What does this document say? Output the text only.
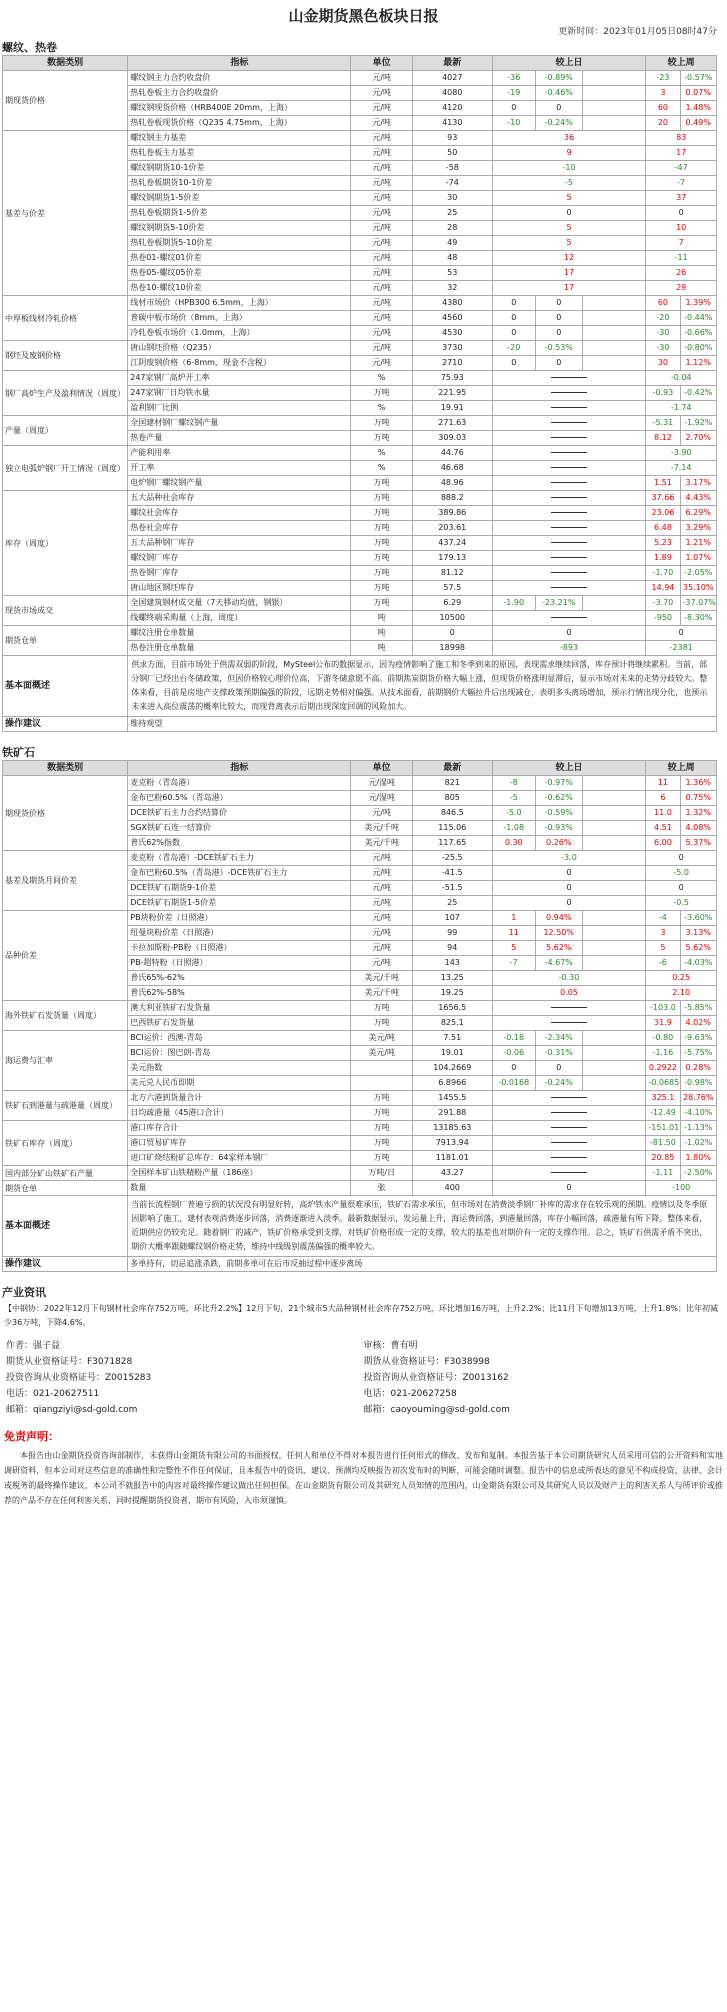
山金期货黑色板块日报
更新时间：2023年01月05日08时47分
螺纹、热卷
数据类别	指标	单位	最新	较上日			较上周	
期现货价格	螺纹钢主力合约收盘价	元/吨	4027	-36	-0.89%		-23	-0.57%
	热轧卷板主力合约收盘价	元/吨	4080	-19	-0.46%		3	0.07%
	螺纹钢现货价格（HRB400E 20mm，上海）	元/吨	4120	0	0		60	1.48%
	热轧卷板现货价格（Q235 4.75mm，上海）	元/吨	4130	-10	-0.24%		20	0.49%
基差与价差	螺纹钢主力基差	元/吨	93	36			83	
	热轧卷板主力基差	元/吨	50	9			17	
	螺纹钢期货10-1价差	元/吨	-58	-10			-47	
	热轧卷板期货10-1价差	元/吨	-74	-5			-7	
	螺纹钢期货1-5价差	元/吨	30	5			37	
	热轧卷板期货1-5价差	元/吨	25	0			0	
	螺纹钢期货5-10价差	元/吨	28	5			10	
	热轧卷板期货5-10价差	元/吨	49	5			7	
	热卷01-螺纹01价差	元/吨	48	12			-11	
	热卷05-螺纹05价差	元/吨	53	17			26	
	热卷10-螺纹10价差	元/吨	32	17			29	
中厚板线材冷轧价格	线材市场价（HPB300 6.5mm，上海）	元/吨	4380	0	0		60	1.39%
	普碳中板市场价（8mm，上海）	元/吨	4560	0	0		-20	-0.44%
	冷轧卷板市场价（1.0mm，上海）	元/吨	4530	0	0		-30	-0.66%
钢坯及废钢价格	唐山钢坯价格（Q235）	元/吨	3730	-20	-0.53%		-30	-0.80%
	江阴废钢价格（6-8mm，现金不含税）	元/吨	2710	0	0		30	1.12%
钢厂高炉生产及盈利情况（周度）	247家钢厂高炉开工率	%	75.93				-0.04	
	247家钢厂日均铁水量	万吨	221.95				-0.93	-0.42%
	盈利钢厂比例	%	19.91				-1.74	
产量（周度）	全国建材钢厂螺纹钢产量	万吨	271.63				-5.31	-1.92%
	热卷产量	万吨	309.03				8.12	2.70%
独立电弧炉钢厂开工情况（周度）	产能利用率	%	44.76				-3.90	
	开工率	%	46.68				-7.14	
	电炉钢厂螺纹钢产量	万吨	48.96				1.51	3.17%
库存（周度）	五大品种社会库存	万吨	888.2				37.66	4.43%
	螺纹社会库存	万吨	389.86				23.06	6.29%
	热卷社会库存	万吨	203.61				6.48	3.29%
	五大品种钢厂库存	万吨	437.24				5.23	1.21%
	螺纹钢厂库存	万吨	179.13				1.89	1.07%
	热卷钢厂库存	万吨	81.12				-1.70	-2.05%
	唐山地区钢坯库存	万吨	57.5				14.94	35.10%
现货市场成交	全国建筑钢材成交量（7天移动均值，钢银）	万吨	6.29	-1.90	-23.21%		-3.70	-37.07%
	线螺终端采购量（上海，周度）	吨	10500				-950	-8.30%
期货仓单	螺纹注册仓单数量	吨	0	0			0	
	热卷注册仓单数量	吨	18998	-893			-2381	
基本面概述	供求方面，目前市场处于供需双弱的阶段，MySteel公布的数据显示，因为疫情影响了施工和冬季到来的原因，表现需求继续回落，库存预计将继续累积。当前，部分钢厂已经出台冬储政策，但因价格较心理价位高，下游冬储意愿不高。前期焦炭期货价格大幅上涨，但现货价格涨明显滞后，显示市场对未来的走势分歧较大。整体来看，目前是房地产支撑政策预期偏强的阶段，远期走势相对偏强。从技术面看，前期钢价大幅拉升后出现减仓，表明多头离场增加，预示行情出现分化，也预示未来进入高位震荡的概率比较大，而现背离表示后期出现深度回调的风险加大。							
操作建议	维持观望							
铁矿石
数据类别	指标	单位	最新	较上日			较上周	
期现货价格	麦克粉（青岛港）	元/湿吨	821	-8	-0.97%		11	1.36%
	金布巴粉60.5%（青岛港）	元/湿吨	805	-5	-0.62%		6	0.75%
	DCE铁矿石主力合约结算价	元/吨	846.5	-5.0	-0.59%		11.0	1.32%
	SGX铁矿石连一结算价	美元/千吨	115.06	-1.08	-0.93%		4.51	4.08%
	普氏62%指数	美元/千吨	117.65	0.30	0.26%		6.00	5.37%
基差及期货月间价差	麦克粉（青岛港）-DCE铁矿石主力	元/吨	-25.5	-3.0			0	
	金布巴粉60.5%（青岛港）-DCE铁矿石主力	元/吨	-41.5	0			-5.0	
	DCE铁矿石期货9-1价差	元/吨	-51.5	0			0	
	DCE铁矿石期货1-5价差	元/吨	25	0			-0.5	
品种价差	PB块粉价差（日照港）	元/吨	107	1	0.94%		-4	-3.60%
	纽曼块粉价差（日照港）	元/吨	99	11	12.50%		3	3.13%
	卡拉加斯粉-PB粉（日照港）	元/吨	94	5	5.62%		5	5.62%
	PB-超特粉（日照港）	元/吨	143	-7	-4.67%		-6	-4.03%
	普氏65%-62%	美元/千吨	13.25	-0.30			0.25	
	普氏62%-58%	美元/千吨	19.25	0.05			2.10	
海外铁矿石发货量（周度）	澳大利亚铁矿石发货量	万吨	1656.5				-103.0	-5.85%
	巴西铁矿石发货量	万吨	825.1				31.9	4.02%
海运费与汇率	BCI运价：西澳-青岛	美元/吨	7.51	-0.18	-2.34%		-0.80	-9.63%
	BCI运价：图巴朗-青岛	美元/吨	19.01	-0.06	-0.31%		-1.16	-5.75%
	美元指数		104.2669	0	0		0.2922	0.28%
	美元兑人民币即期		6.8966	-0.0168	-0.24%		-0.0685	-0.98%
铁矿石到港量与疏港量（周度）	北方六港到货量合计	万吨	1455.5				325.1	28.76%
	日均疏港量（45港口合计）	万吨	291.88				-12.49	-4.10%
铁矿石库存（周度）	港口库存合计	万吨	13185.63				-151.01	-1.13%
	港口贸易矿库存	万吨	7913.94				-81.50	-1.02%
	进口矿烧结粉矿总库存：64家样本钢厂	万吨	1181.01				20.85	1.80%
国内部分矿山铁矿石产量	全国样本矿山铁精粉产量（186座）	万吨/日	43.27				-1.11	-2.50%
期货仓单	数量	张	400	0			-100	
基本面概述	当前长流程钢厂普遍亏损的状况没有明显好转，高炉铁水产量很难承压，铁矿石需求承压，但市场对在消费淡季钢厂补库的需求存在较乐观的预期。疫情以及冬季原因影响了施工，建材表观消费逐步回落，消费逐渐进入淡季。最新数据显示，发运量上升，海运费回落，到港量回落，库存小幅回落，疏港量有所下降。整体来看，近期供应仍较充足。随着钢厂的减产，铁矿价格承受到支撑，对铁矿价格形成一定的支撑，较大的基差也对期价有一定的支撑作用。总之，铁矿石供需矛盾不突出，期价大概率跟随螺纹钢价格走势，维持中线级别震荡偏强的概率较大。							
操作建议	多单持有，切忌追涨杀跌，前期多单可在后市反抽过程中逐步离场							
产业资讯
【中钢协：2022年12月下旬钢材社会库存752万吨，环比升2.2%】12月下旬，21个城市5大品种钢材社会库存752万吨，环比增加16万吨，上升2.2%；比11月下旬增加13万吨，上升1.8%；比年初减少36万吨，下降4.6%。
作者：强子益
期货从业资格证号：F3071828
投资咨询从业资格证号：Z0015283
电话：021-20627511
邮箱：qiangziyi@sd-gold.com
审核：曹有明
期货从业资格证号：F3038998
投资咨询从业资格证号：Z0013162
电话：021-20627258
邮箱：caoyouming@sd-gold.com
免责声明：
本报告由山金期货投资咨询部制作，未获得山金期货有限公司的书面授权，任何人和单位不得对本报告进行任何形式的修改、发布和复制。本报告基于本公司期货研究人员采用可信的公开资料和实地调研资料，但本公司对这些信息的准确性和完整性不作任何保证，且本报告中的资讯、建议、预测均反映报告初次发布时的判断，可能会随时调整。报告中的信息或所表达的意见不构成投资、法律、会计或税务的最终操作建议，本公司不就报告中的内容对最终操作建议做出任何担保。在山金期货有限公司及其研究人员知情的范围内，山金期货有限公司及其研究人员以及财产上的利害关系人与所评价或推荐的产品不存在任何利害关系，同时提醒期货投资者，期市有风险，入市须谨慎。
